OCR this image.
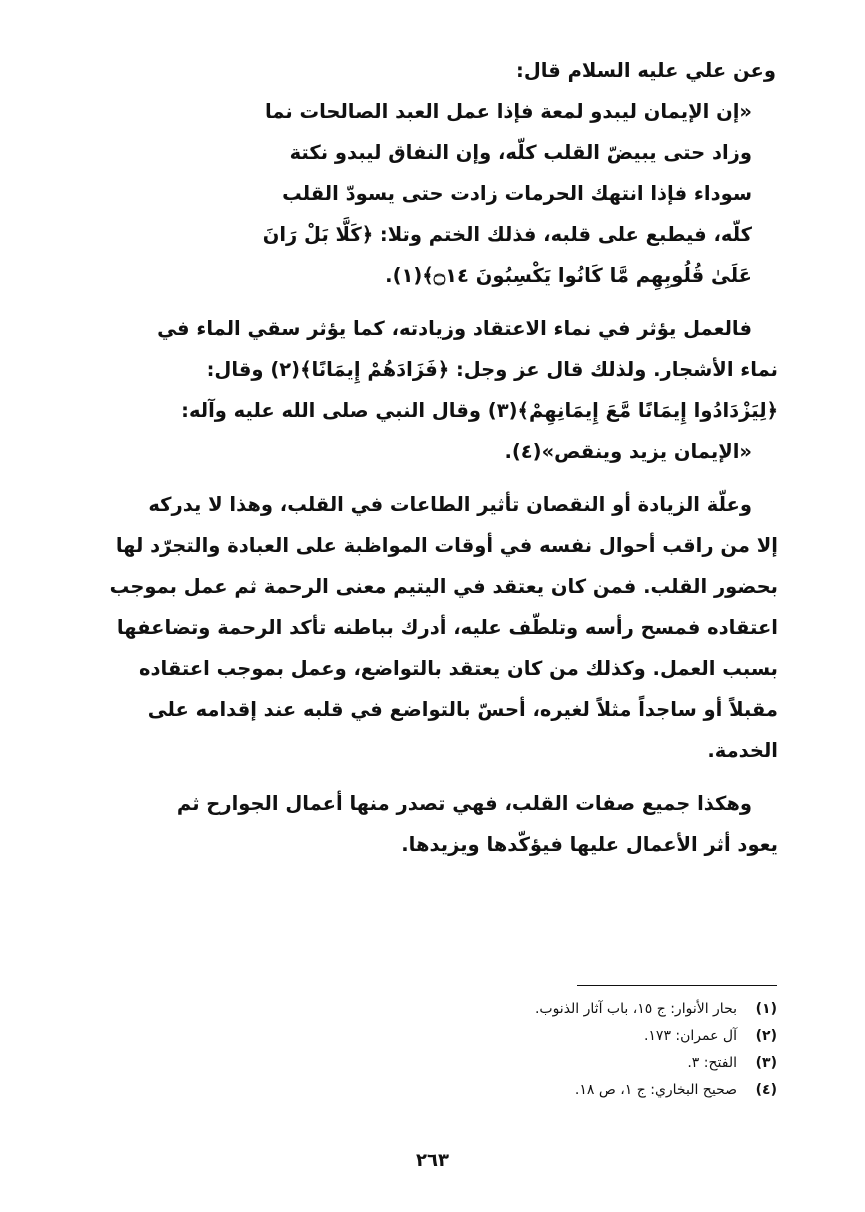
وعن علي عليه السلام قال:

«إن الإيمان ليبدو لمعة فإذا عمل العبد الصالحات نما
وزاد حتى يبيضّ القلب كلّه، وإن النفاق ليبدو نكتة
سوداء فإذا انتهك الحرمات زادت حتى يسودّ القلب
كلّه، فيطبع على قلبه، فذلك الختم وتلا: ﴿كَلَّا بَلْ رَانَ
عَلَىٰ قُلُوبِهِم مَّا كَانُوا يَكْسِبُونَ ۝١٤﴾(١).
فالعمل يؤثر في نماء الاعتقاد وزيادته، كما يؤثر سقي الماء في
نماء الأشجار. ولذلك قال عز وجل: ﴿فَزَادَهُمْ إِيمَانًا﴾(٢) وقال:
﴿لِيَزْدَادُوا إِيمَانًا مَّعَ إِيمَانِهِمْ﴾(٣) وقال النبي صلى الله عليه وآله:
«الإيمان يزيد وينقص»(٤).
وعلّة الزيادة أو النقصان تأثير الطاعات في القلب، وهذا لا يدركه
إلا من راقب أحوال نفسه في أوقات المواظبة على العبادة والتجرّد لها
بحضور القلب. فمن كان يعتقد في اليتيم معنى الرحمة ثم عمل بموجب
اعتقاده فمسح رأسه وتلطّف عليه، أدرك بباطنه تأكد الرحمة وتضاعفها
بسبب العمل. وكذلك من كان يعتقد بالتواضع، وعمل بموجب اعتقاده
مقبلاً أو ساجداً مثلاً لغيره، أحسّ بالتواضع في قلبه عند إقدامه على
الخدمة.
وهكذا جميع صفات القلب، فهي تصدر منها أعمال الجوارح ثم
يعود أثر الأعمال عليها فيؤكّدها ويزيدها.
(١)
بحار الأنوار: ج ١٥، باب آثار الذنوب.
(٢)
آل عمران: ١٧٣.
(٣)
الفتح: ٣.
(٤)
صحيح البخاري: ج ١، ص ١٨.
٢٦٣
